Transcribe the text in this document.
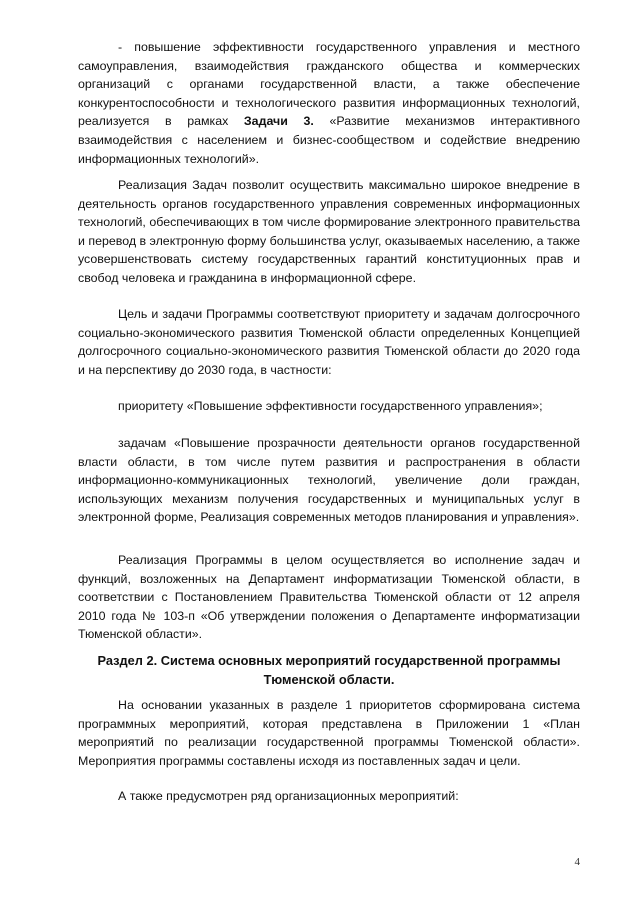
- повышение эффективности государственного управления и местного самоуправления, взаимодействия гражданского общества и коммерческих организаций с органами государственной власти, а также обеспечение конкурентоспособности и технологического развития информационных технологий, реализуется в рамках Задачи 3. «Развитие механизмов интерактивного взаимодействия с населением и бизнес-сообществом и содействие внедрению информационных технологий».

Реализация Задач позволит осуществить максимально широкое внедрение в деятельность органов государственного управления современных информационных технологий, обеспечивающих в том числе формирование электронного правительства и перевод в электронную форму большинства услуг, оказываемых населению, а также усовершенствовать систему государственных гарантий конституционных прав и свобод человека и гражданина в информационной сфере.

Цель и задачи Программы соответствуют приоритету и задачам долгосрочного социально-экономического развития Тюменской области определенных Концепцией долгосрочного социально-экономического развития Тюменской области до 2020 года и на перспективу до 2030 года, в частности:

приоритету «Повышение эффективности государственного управления»;

задачам «Повышение прозрачности деятельности органов государственной власти области, в том числе путем развития и распространения в области информационно-коммуникационных технологий, увеличение доли граждан, использующих механизм получения государственных и муниципальных услуг в электронной форме, Реализация современных методов планирования и управления».

Реализация Программы в целом осуществляется во исполнение задач и функций, возложенных на Департамент информатизации Тюменской области, в соответствии с Постановлением Правительства Тюменской области от 12 апреля 2010 года № 103-п «Об утверждении положения о Департаменте информатизации Тюменской области».

Раздел 2. Система основных мероприятий государственной программы Тюменской области.

На основании указанных в разделе 1 приоритетов сформирована система программных мероприятий, которая представлена в Приложении 1 «План мероприятий по реализации государственной программы Тюменской области». Мероприятия программы составлены исходя из поставленных задач и цели.

А также предусмотрен ряд организационных мероприятий:

4
